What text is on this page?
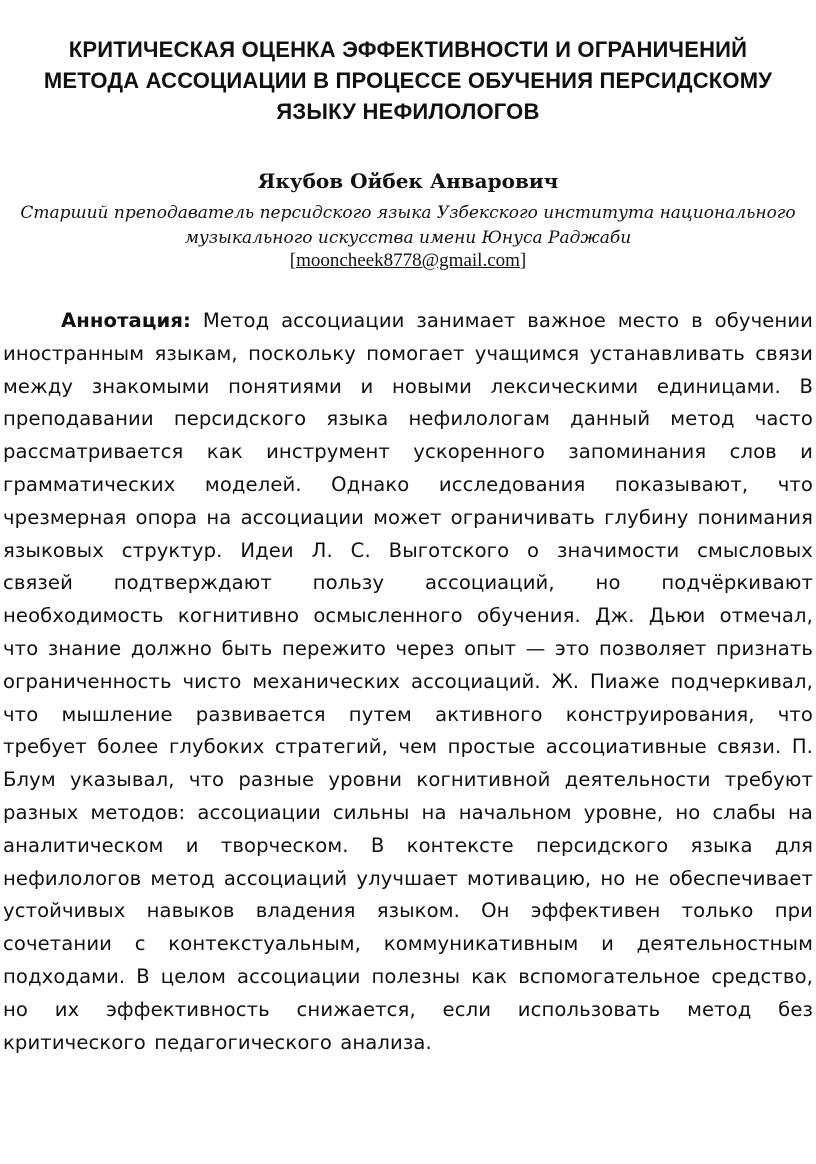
КРИТИЧЕСКАЯ ОЦЕНКА ЭФФЕКТИВНОСТИ И ОГРАНИЧЕНИЙ МЕТОДА АССОЦИАЦИИ В ПРОЦЕССЕ ОБУЧЕНИЯ ПЕРСИДСКОМУ ЯЗЫКУ НЕФИЛОЛОГОВ

Якубов Ойбек Анварович

Старший преподаватель персидского языка Узбекского института национального музыкального искусства имени Юнуса Раджаби

[mooncheek8778@gmail.com]

Аннотация: Метод ассоциации занимает важное место в обучении иностранным языкам, поскольку помогает учащимся устанавливать связи между знакомыми понятиями и новыми лексическими единицами. В преподавании персидского языка нефилологам данный метод часто рассматривается как инструмент ускоренного запоминания слов и грамматических моделей. Однако исследования показывают, что чрезмерная опора на ассоциации может ограничивать глубину понимания языковых структур. Идеи Л. С. Выготского о значимости смысловых связей подтверждают пользу ассоциаций, но подчёркивают необходимость когнитивно осмысленного обучения. Дж. Дьюи отмечал, что знание должно быть пережито через опыт — это позволяет признать ограниченность чисто механических ассоциаций. Ж. Пиаже подчеркивал, что мышление развивается путем активного конструирования, что требует более глубоких стратегий, чем простые ассоциативные связи. П. Блум указывал, что разные уровни когнитивной деятельности требуют разных методов: ассоциации сильны на начальном уровне, но слабы на аналитическом и творческом. В контексте персидского языка для нефилологов метод ассоциаций улучшает мотивацию, но не обеспечивает устойчивых навыков владения языком. Он эффективен только при сочетании с контекстуальным, коммуникативным и деятельностным подходами. В целом ассоциации полезны как вспомогательное средство, но их эффективность снижается, если использовать метод без критического педагогического анализа.
